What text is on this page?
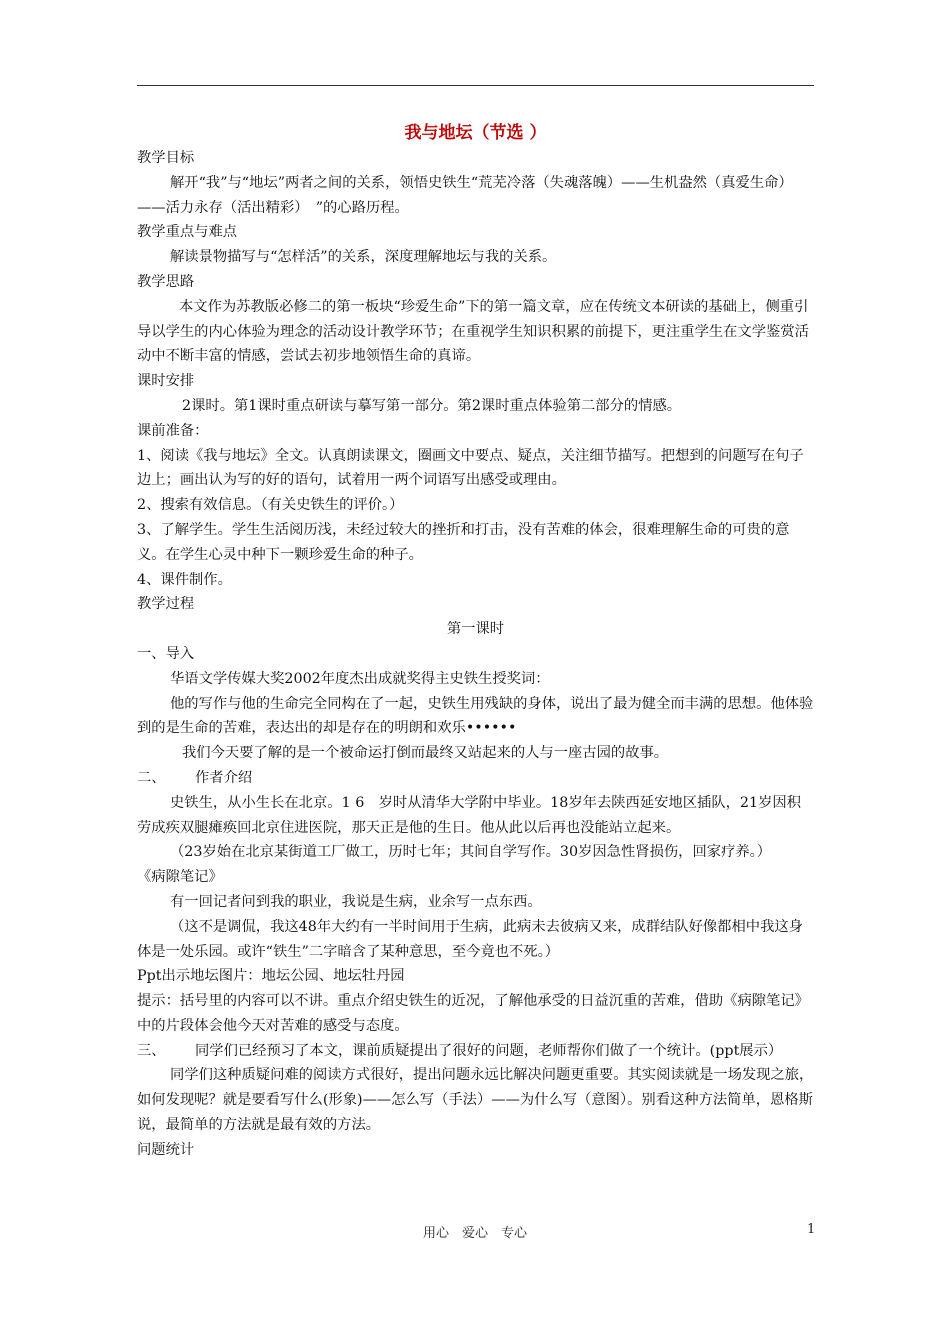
我与地坛（节选 ）

教学目标

解开“我”与“地坛”两者之间的关系，领悟史铁生“荒芜冷落（失魂落魄）——生机盎然（真爱生命）——活力永存（活出精彩）　”的心路历程。

教学重点与难点

解读景物描写与“怎样活”的关系，深度理解地坛与我的关系。

教学思路

本文作为苏教版必修二的第一板块“珍爱生命”下的第一篇文章，应在传统文本研读的基础上，侧重引导以学生的内心体验为理念的活动设计教学环节；在重视学生知识积累的前提下，更注重学生在文学鉴赏活动中不断丰富的情感，尝试去初步地领悟生命的真谛。

课时安排

2课时。第1课时重点研读与摹写第一部分。第2课时重点体验第二部分的情感。

课前准备：

1、阅读《我与地坛》全文。认真朗读课文，圈画文中要点、疑点，关注细节描写。把想到的问题写在句子边上；画出认为写的好的语句，试着用一两个词语写出感受或理由。

2、搜索有效信息。（有关史铁生的评价。）

3、了解学生。学生生活阅历浅，未经过较大的挫折和打击，没有苦难的体会，很难理解生命的可贵的意义。在学生心灵中种下一颗珍爱生命的种子。

4、课件制作。

教学过程

第一课时

一、导入

华语文学传媒大奖2002年度杰出成就奖得主史铁生授奖词：

他的写作与他的生命完全同构在了一起，史铁生用残缺的身体，说出了最为健全而丰满的思想。他体验到的是生命的苦难，表达出的却是存在的明朗和欢乐••••••

我们今天要了解的是一个被命运打倒而最终又站起来的人与一座古园的故事。

二、	作者介绍

史铁生，从小生长在北京。1 6　岁时从清华大学附中毕业。18岁年去陕西延安地区插队，21岁因积劳成疾双腿瘫痪回北京住进医院，那天正是他的生日。他从此以后再也没能站立起来。

（23岁始在北京某街道工厂做工，历时七年；其间自学写作。30岁因急性肾损伤，回家疗养。）

《病隙笔记》

有一回记者问到我的职业，我说是生病，业余写一点东西。

（这不是调侃，我这48年大约有一半时间用于生病，此病未去彼病又来，成群结队好像都相中我这身体是一处乐园。或许“铁生”二字暗含了某种意思，至今竟也不死。）

Ppt出示地坛图片：地坛公园、地坛牡丹园

提示：括号里的内容可以不讲。重点介绍史铁生的近况，了解他承受的日益沉重的苦难，借助《病隙笔记》中的片段体会他今天对苦难的感受与态度。

三、	同学们已经预习了本文，课前质疑提出了很好的问题，老师帮你们做了一个统计。(ppt展示）

同学们这种质疑问难的阅读方式很好，提出问题永远比解决问题更重要。其实阅读就是一场发现之旅，如何发现呢？就是要看写什么(形象)——怎么写（手法）——为什么写（意图）。别看这种方法简单，恩格斯说，最简单的方法就是最有效的方法。

问题统计

用心　爱心　专心	1
